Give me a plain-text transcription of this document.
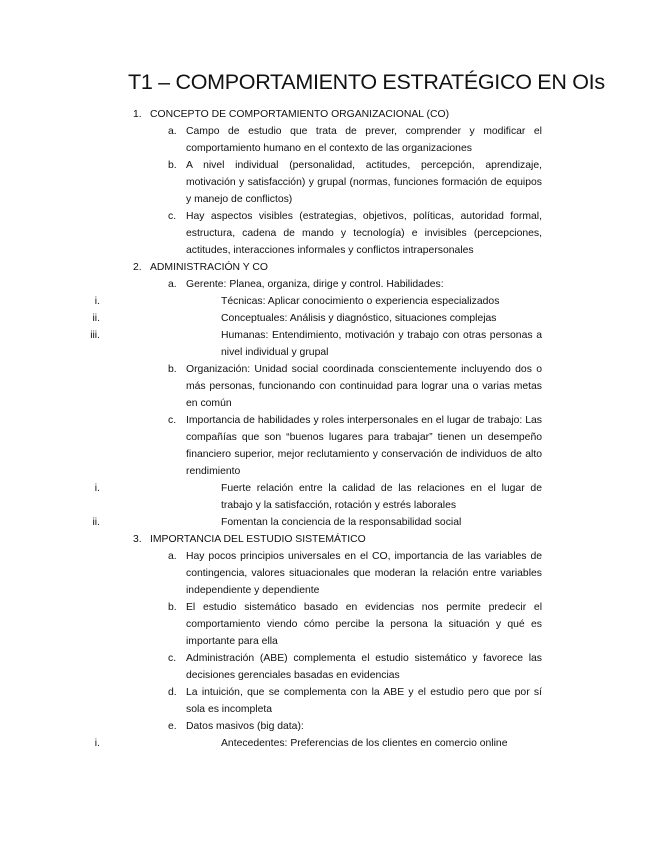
T1 – COMPORTAMIENTO ESTRATÉGICO EN OIs
1. CONCEPTO DE COMPORTAMIENTO ORGANIZACIONAL (CO)
a. Campo de estudio que trata de prever, comprender y modificar el comportamiento humano en el contexto de las organizaciones
b. A nivel individual (personalidad, actitudes, percepción, aprendizaje, motivación y satisfacción) y grupal (normas, funciones formación de equipos y manejo de conflictos)
c. Hay aspectos visibles (estrategias, objetivos, políticas, autoridad formal, estructura, cadena de mando y tecnología) e invisibles (percepciones, actitudes, interacciones informales y conflictos intrapersonales
2. ADMINISTRACIÓN Y CO
a. Gerente: Planea, organiza, dirige y control. Habilidades:
i.	Técnicas: Aplicar conocimiento o experiencia especializados
ii.	Conceptuales: Análisis y diagnóstico, situaciones complejas
iii.	Humanas: Entendimiento, motivación y trabajo con otras personas a nivel individual y grupal
b. Organización: Unidad social coordinada conscientemente incluyendo dos o más personas, funcionando con continuidad para lograr una o varias metas en común
c. Importancia de habilidades y roles interpersonales en el lugar de trabajo: Las compañías que son “buenos lugares para trabajar” tienen un desempeño financiero superior, mejor reclutamiento y conservación de individuos de alto rendimiento
i.	Fuerte relación entre la calidad de las relaciones en el lugar de trabajo y la satisfacción, rotación y estrés laborales
ii.	Fomentan la conciencia de la responsabilidad social
3. IMPORTANCIA DEL ESTUDIO SISTEMÁTICO
a. Hay pocos principios universales en el CO, importancia de las variables de contingencia, valores situacionales que moderan la relación entre variables independiente y dependiente
b. El estudio sistemático basado en evidencias nos permite predecir el comportamiento viendo cómo percibe la persona la situación y qué es importante para ella
c. Administración (ABE) complementa el estudio sistemático y favorece las decisiones gerenciales basadas en evidencias
d. La intuición, que se complementa con la ABE y el estudio pero que por sí sola es incompleta
e. Datos masivos (big data):
i.	Antecedentes: Preferencias de los clientes en comercio online
